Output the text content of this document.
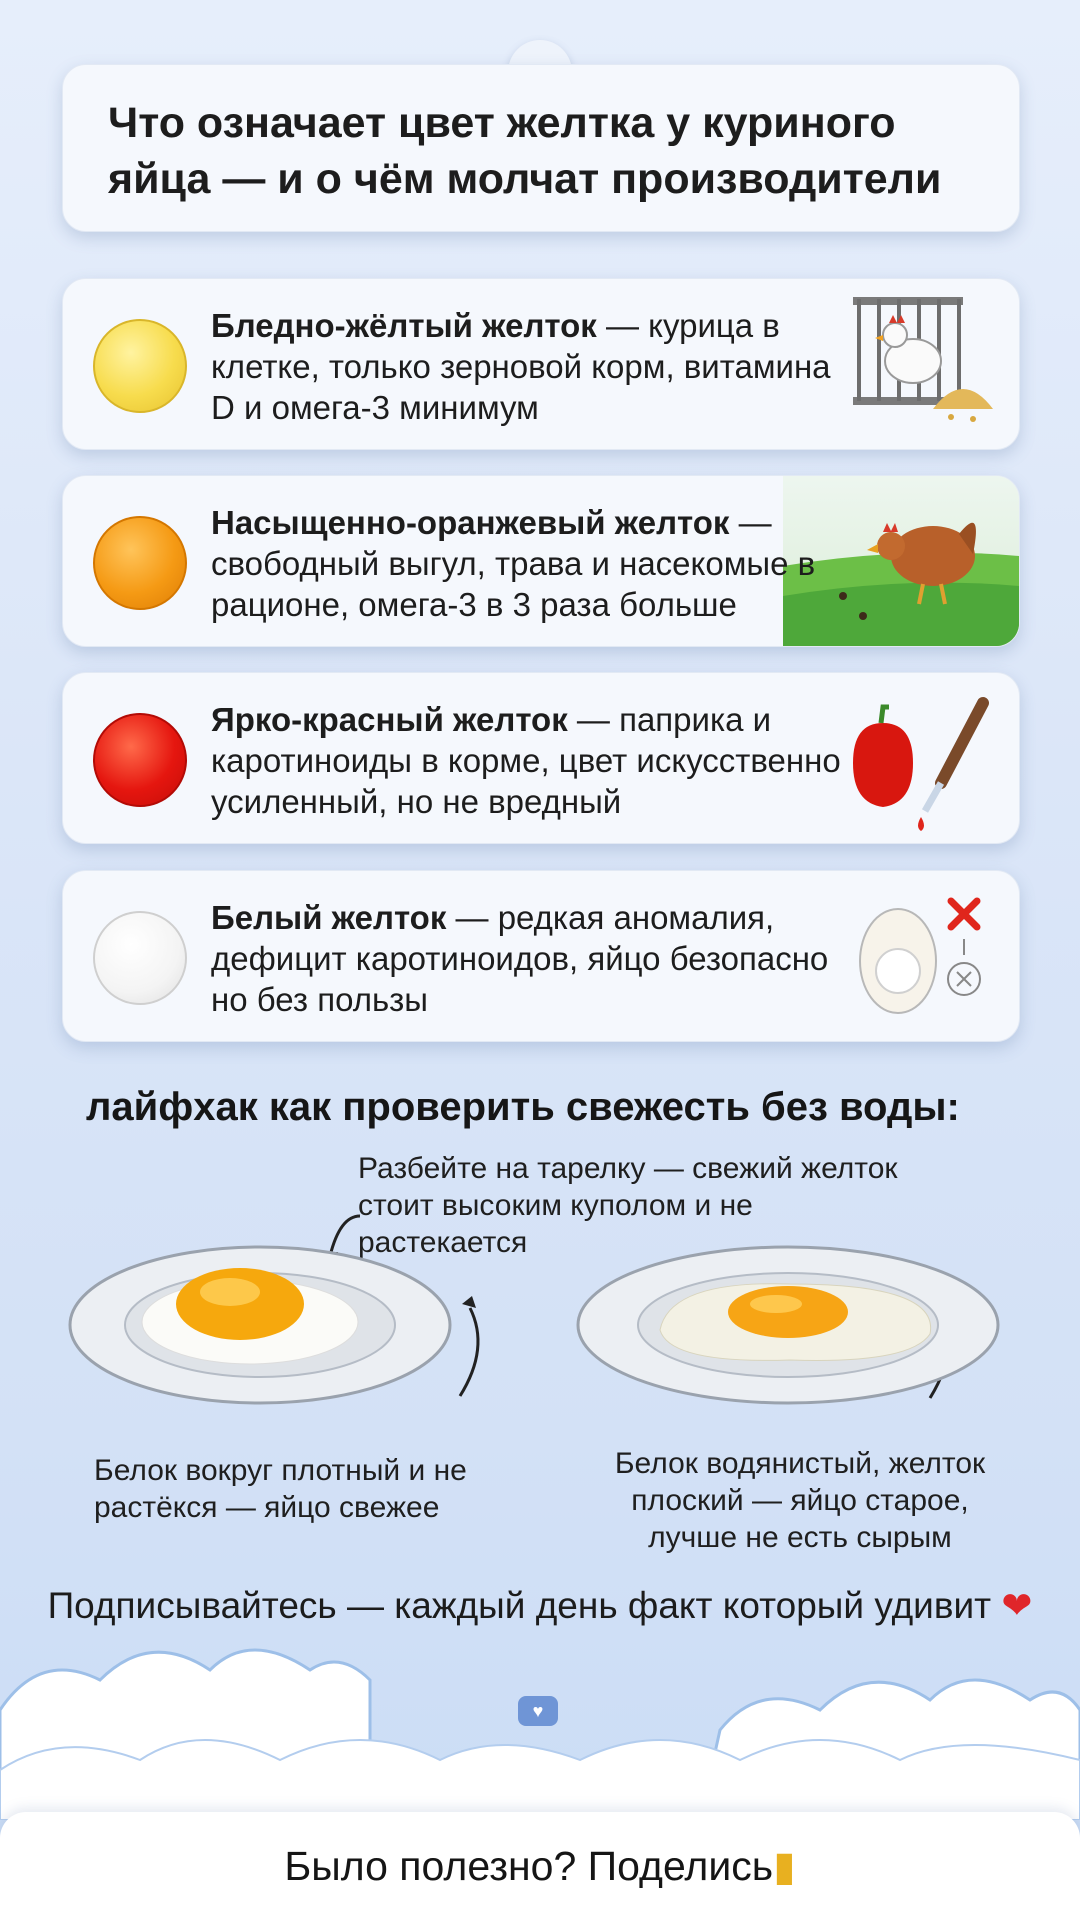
Что означает цвет желтка у куриного яйца — и о чём молчат производители

Бледно-жёлтый желток — курица в клетке, только зерновой корм, витамина D и омега-3 минимум

Насыщенно-оранжевый желток — свободный выгул, трава и насекомые в рационе, омега-3 в 3 раза больше

Ярко-красный желток — паприка и каротиноиды в корме, цвет искусственно усиленный, но не вредный

Белый желток — редкая аномалия, дефицит каротиноидов, яйцо безопасно но без пользы

лайфхак как проверить свежесть без воды:

Разбейте на тарелку — свежий желток стоит высоким куполом и не растекается

Белок вокруг плотный и не растёкся — яйцо свежее

Белок водянистый, желток плоский — яйцо старое, лучше не есть сырым

Подписывайтесь — каждый день факт который удивит ❤

♥

Было полезно? Поделись▮
